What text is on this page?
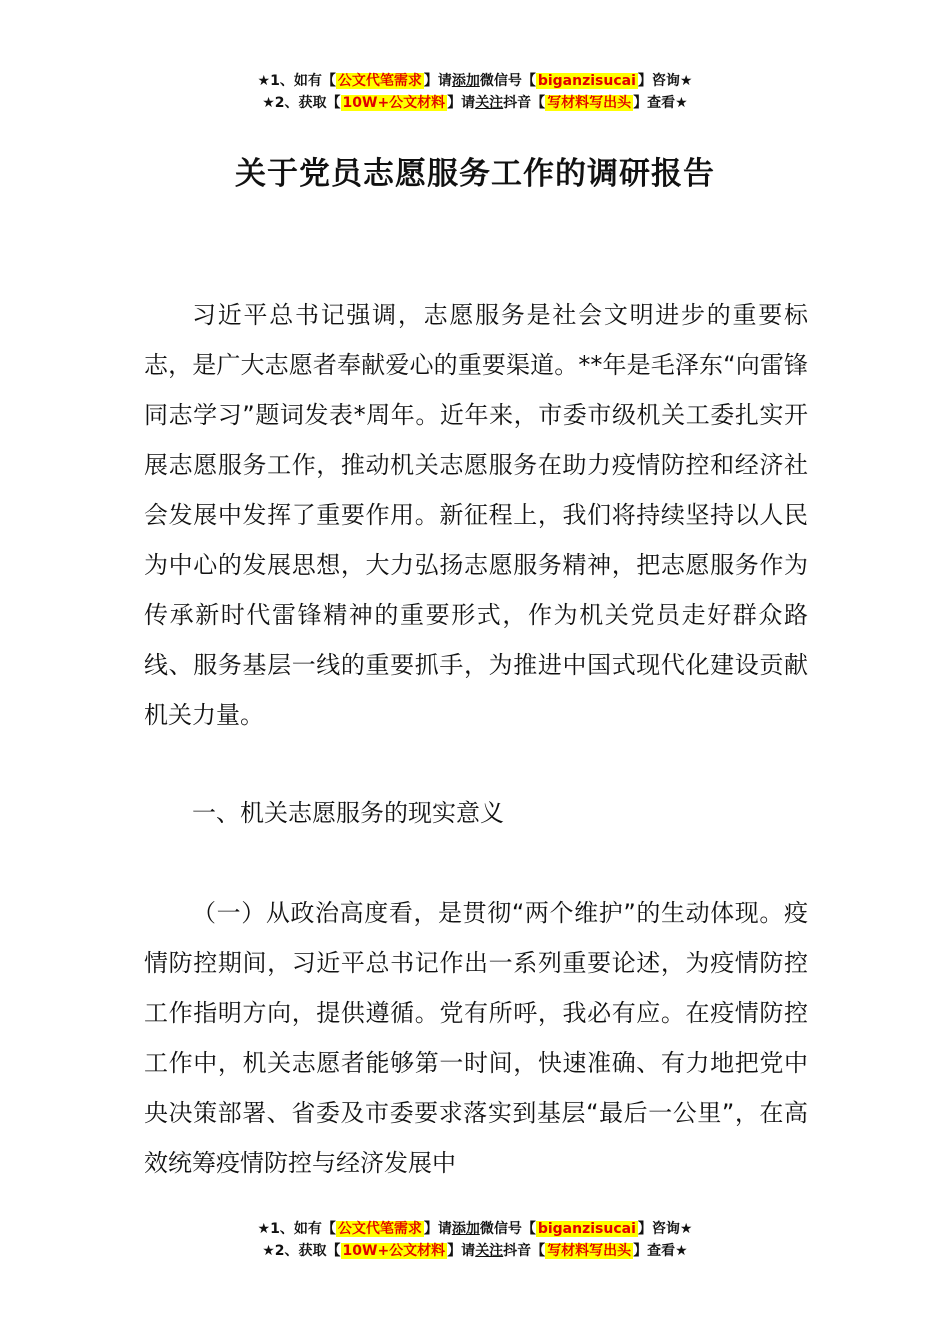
★1、如有【 公文代笔需求 】请添加微信号【 biganzisucai 】咨询★
★2、获取【 10W+公文材料 】请关注抖音【 写材料写出头 】查看★
关于党员志愿服务工作的调研报告

习近平总书记强调，志愿服务是社会文明进步的重要标志，是广大志愿者奉献爱心的重要渠道。**年是毛泽东“向雷锋同志学习”题词发表*周年。近年来，市委市级机关工委扎实开展志愿服务工作，推动机关志愿服务在助力疫情防控和经济社会发展中发挥了重要作用。新征程上，我们将持续坚持以人民为中心的发展思想，大力弘扬志愿服务精神，把志愿服务作为传承新时代雷锋精神的重要形式，作为机关党员走好群众路线、服务基层一线的重要抓手，为推进中国式现代化建设贡献机关力量。

一、机关志愿服务的现实意义

（一）从政治高度看，是贯彻“两个维护”的生动体现。疫情防控期间，习近平总书记作出一系列重要论述，为疫情防控工作指明方向，提供遵循。党有所呼，我必有应。在疫情防控工作中，机关志愿者能够第一时间，快速准确、有力地把党中央决策部署、省委及市委要求落实到基层“最后一公里”，在高效统筹疫情防控与经济发展中

★1、如有【 公文代笔需求 】请添加微信号【 biganzisucai 】咨询★
★2、获取【 10W+公文材料 】请关注抖音【 写材料写出头 】查看★
